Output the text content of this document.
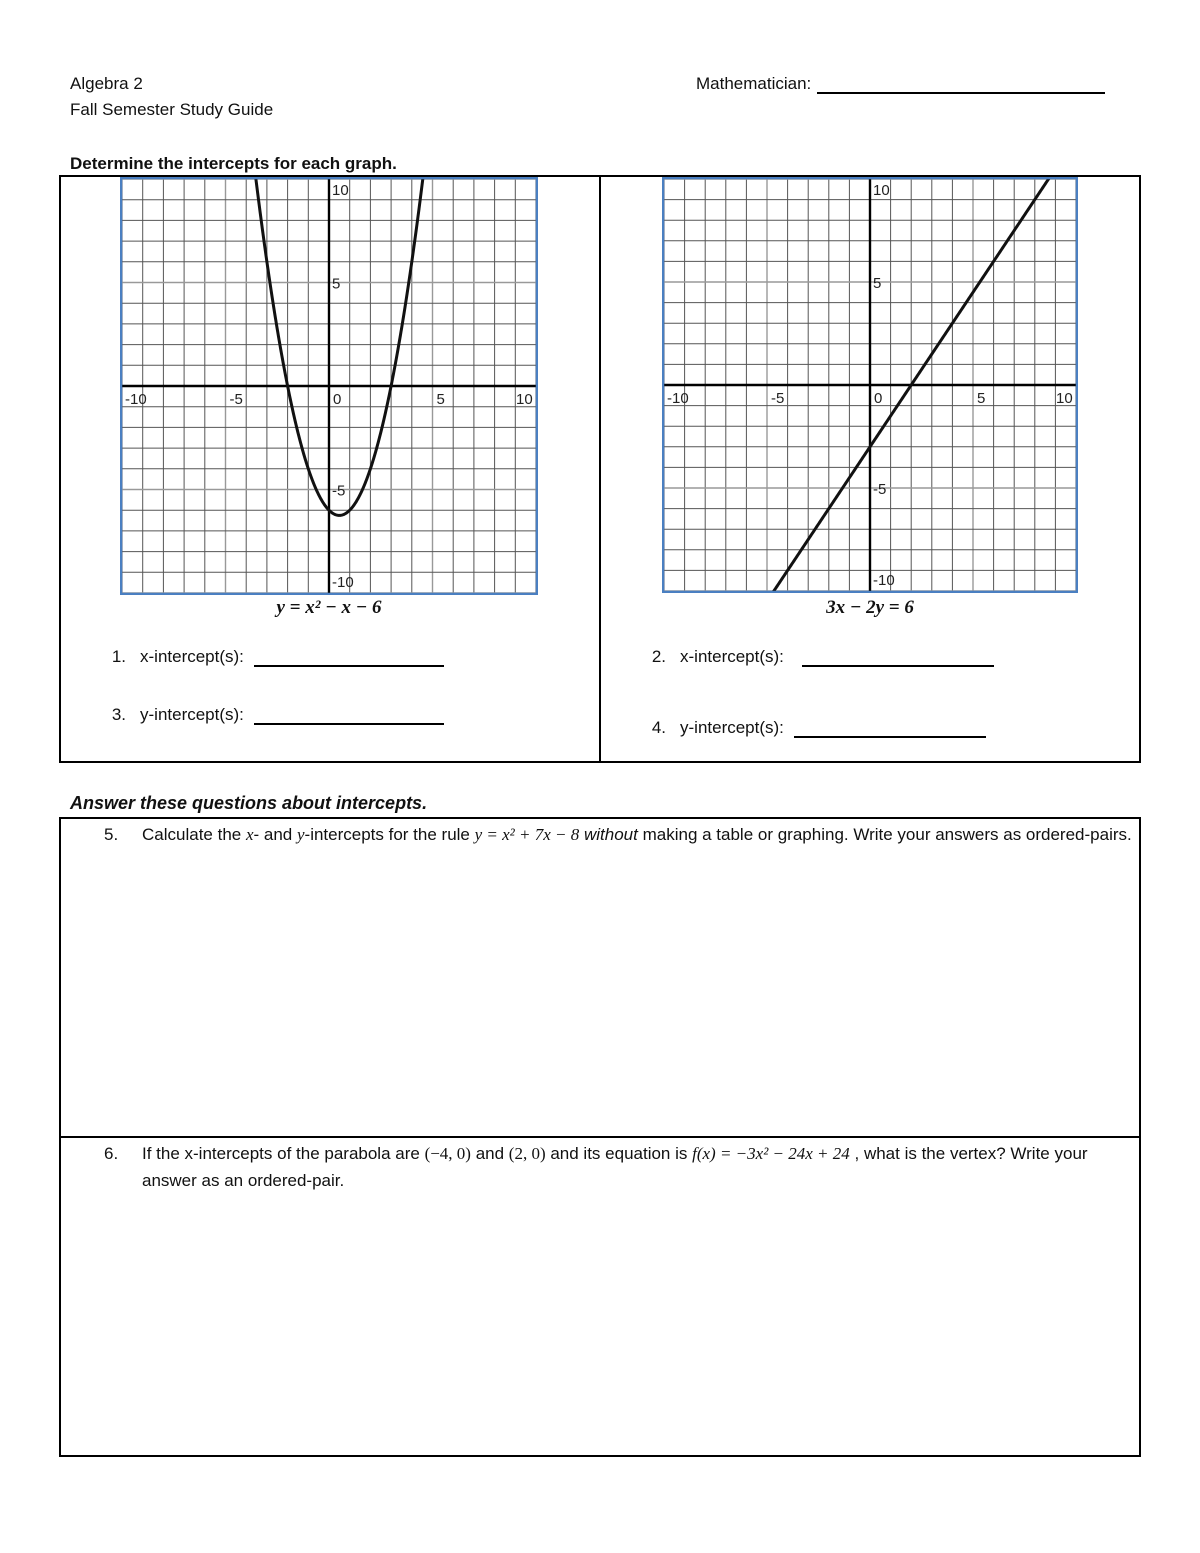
Algebra 2
Fall Semester Study Guide
Mathematician:
Determine the intercepts for each graph.
-10	-5	0	5	10
10
5
-5
-10
-10	-5	0	5	10
10
5
-5
-10
y = x² − x − 6	3x − 2y = 6
1. x-intercept(s):
3. y-intercept(s):
2. x-intercept(s):
4. y-intercept(s):
Answer these questions about intercepts.
5. Calculate the x- and y-intercepts for the rule y = x² + 7x − 8 without making a table or graphing. Write your answers as ordered-pairs.
6. If the x-intercepts of the parabola are (−4, 0) and (2, 0) and its equation is f(x) = −3x² − 24x + 24 , what is the vertex? Write your answer as an ordered-pair.
